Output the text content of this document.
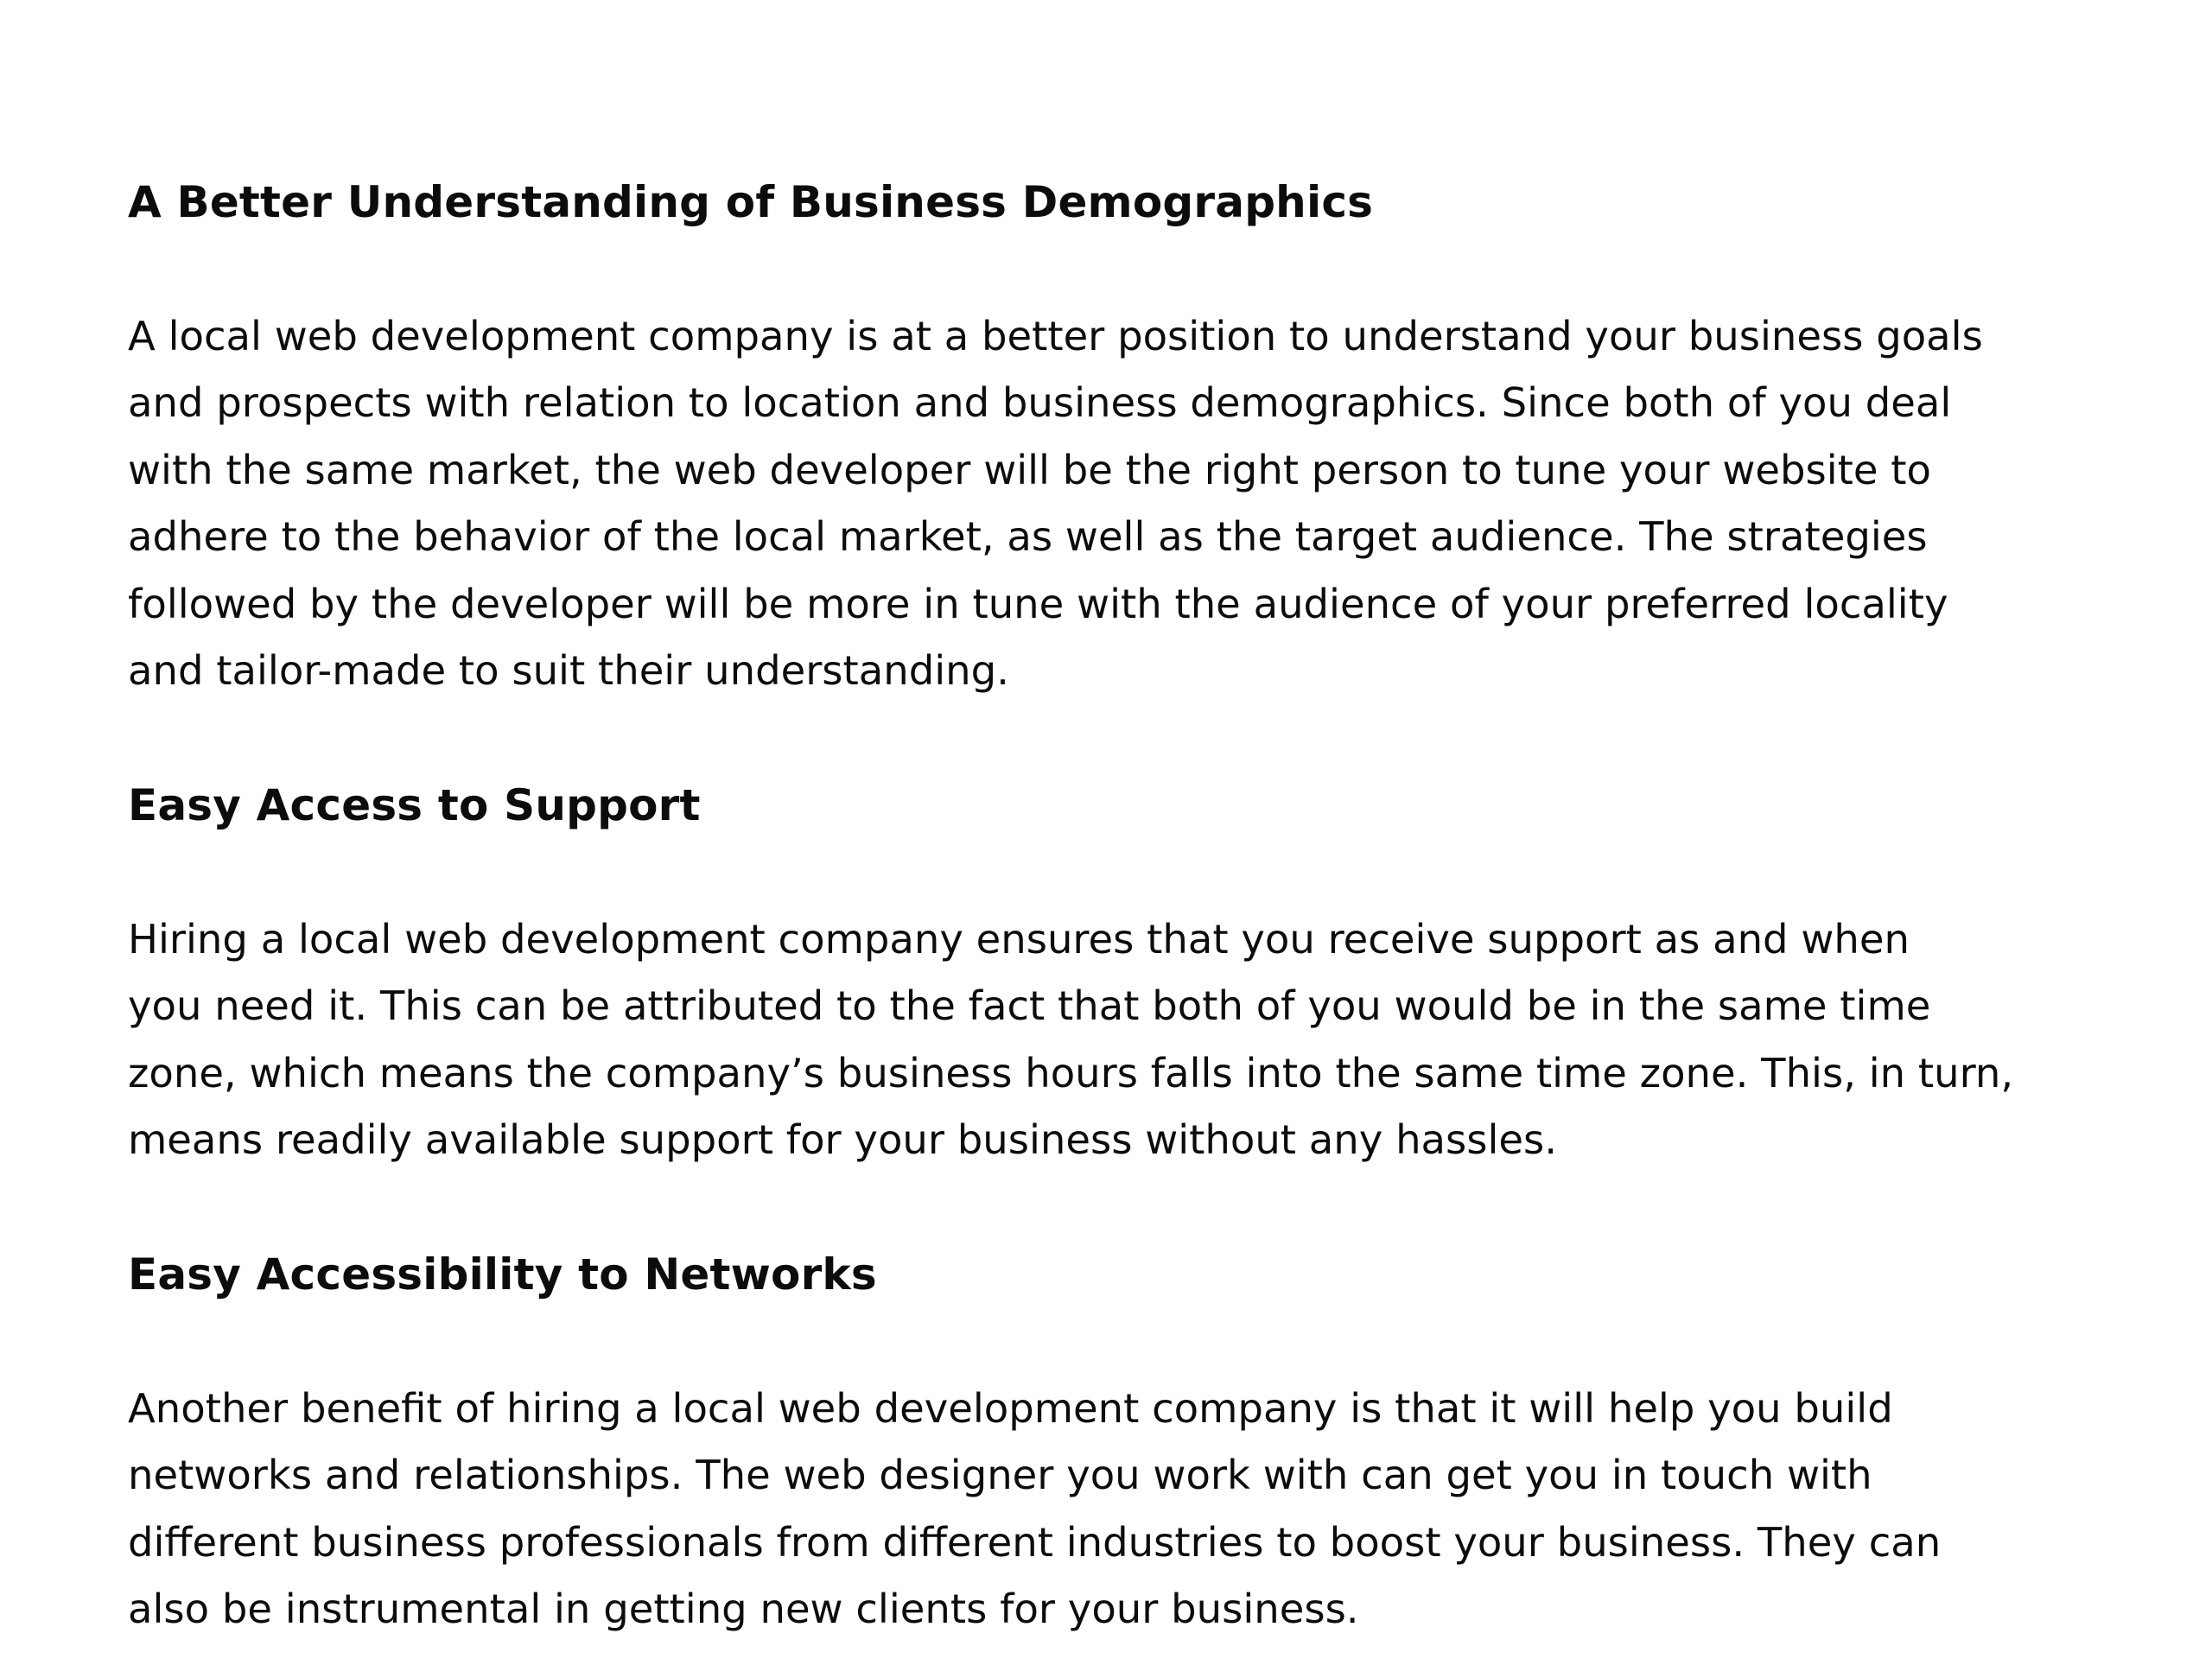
A Better Understanding of Business Demographics

A local web development company is at a better position to understand your business goals
and prospects with relation to location and business demographics. Since both of you deal
with the same market, the web developer will be the right person to tune your website to
adhere to the behavior of the local market, as well as the target audience. The strategies
followed by the developer will be more in tune with the audience of your preferred locality
and tailor-made to suit their understanding.

Easy Access to Support

Hiring a local web development company ensures that you receive support as and when
you need it. This can be attributed to the fact that both of you would be in the same time
zone, which means the company’s business hours falls into the same time zone. This, in turn,
means readily available support for your business without any hassles.

Easy Accessibility to Networks

Another benefit of hiring a local web development company is that it will help you build
networks and relationships. The web designer you work with can get you in touch with
different business professionals from different industries to boost your business. They can
also be instrumental in getting new clients for your business.
